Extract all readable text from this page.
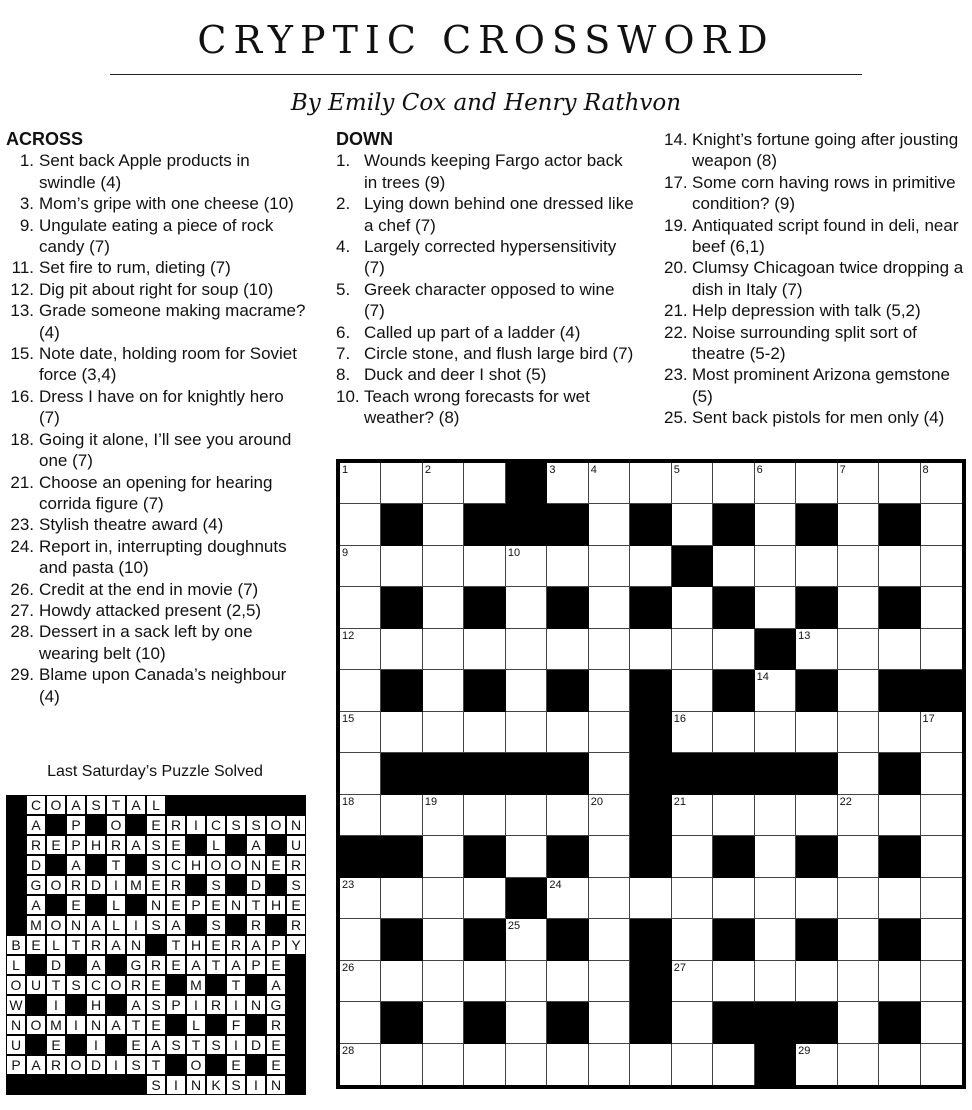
CRYPTIC CROSSWORD
By Emily Cox and Henry Rathvon
ACROSS
1. Sent back Apple products in swindle (4)
3. Mom’s gripe with one cheese (10)
9. Ungulate eating a piece of rock candy (7)
11. Set fire to rum, dieting (7)
12. Dig pit about right for soup (10)
13. Grade someone making macrame? (4)
15. Note date, holding room for Soviet force (3,4)
16. Dress I have on for knightly hero (7)
18. Going it alone, I’ll see you around one (7)
21. Choose an opening for hearing corrida figure (7)
23. Stylish theatre award (4)
24. Report in, interrupting doughnuts and pasta (10)
26. Credit at the end in movie (7)
27. Howdy attacked present (2,5)
28. Dessert in a sack left by one wearing belt (10)
29. Blame upon Canada’s neighbour (4)
DOWN
1. Wounds keeping Fargo actor back in trees (9)
2. Lying down behind one dressed like a chef (7)
4. Largely corrected hypersensitivity (7)
5. Greek character opposed to wine (7)
6. Called up part of a ladder (4)
7. Circle stone, and flush large bird (7)
8. Duck and deer I shot (5)
10. Teach wrong forecasts for wet weather? (8)
14. Knight’s fortune going after jousting weapon (8)
17. Some corn having rows in primitive condition? (9)
19. Antiquated script found in deli, near beef (6,1)
20. Clumsy Chicagoan twice dropping a dish in Italy (7)
21. Help depression with talk (5,2)
22. Noise surrounding split sort of theatre (5-2)
23. Most prominent Arizona gemstone (5)
25. Sent back pistols for men only (4)
Last Saturday’s Puzzle Solved
C O A S T A L
A	P	O	E R I C S S O N
R E P H R A S E	L	A	U
D	A	T	S C H O O N E R
G O R D I M E R	S	D	S
A	E	L	N E P E N T H E
M O N A L	I S A	S	R	R
B E L T R A N	T H E R A P Y
L	D	A	G R E A T A P E
O U T S C O R E	M	T	A
W	I	H	A S P I R I N G
N O M I N A T E	L	F	R
U	E	I	E A S T S I D E
P A R O D I S T	O	E	E
S I N K S I N
1	2	3	4	5	6	7	8
9	10
12	13
14
15	16	17
18	19	20	21	22
23	24
25
26	27
28	29
